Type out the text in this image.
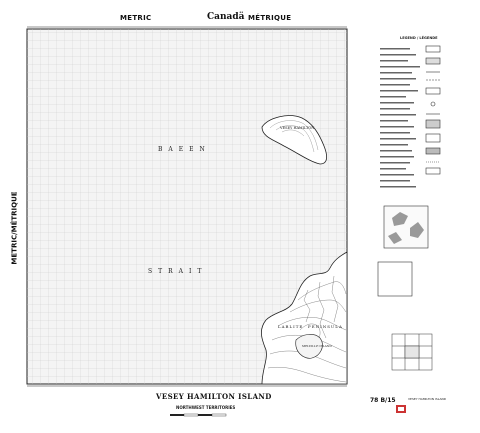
METRIC	Canadä MÉTRIQUE
METRIC/MÉTRIQUE
BAEEN
STRAIT
VESEY HAMILTON
LABLITE PENINSULA
MELVILLE ISLAND
LEGEND / LÉGENDE
VESEY HAMILTON ISLAND
NORTHWEST TERRITORIES
78 B/15	VESEY HAMILTON ISLAND
